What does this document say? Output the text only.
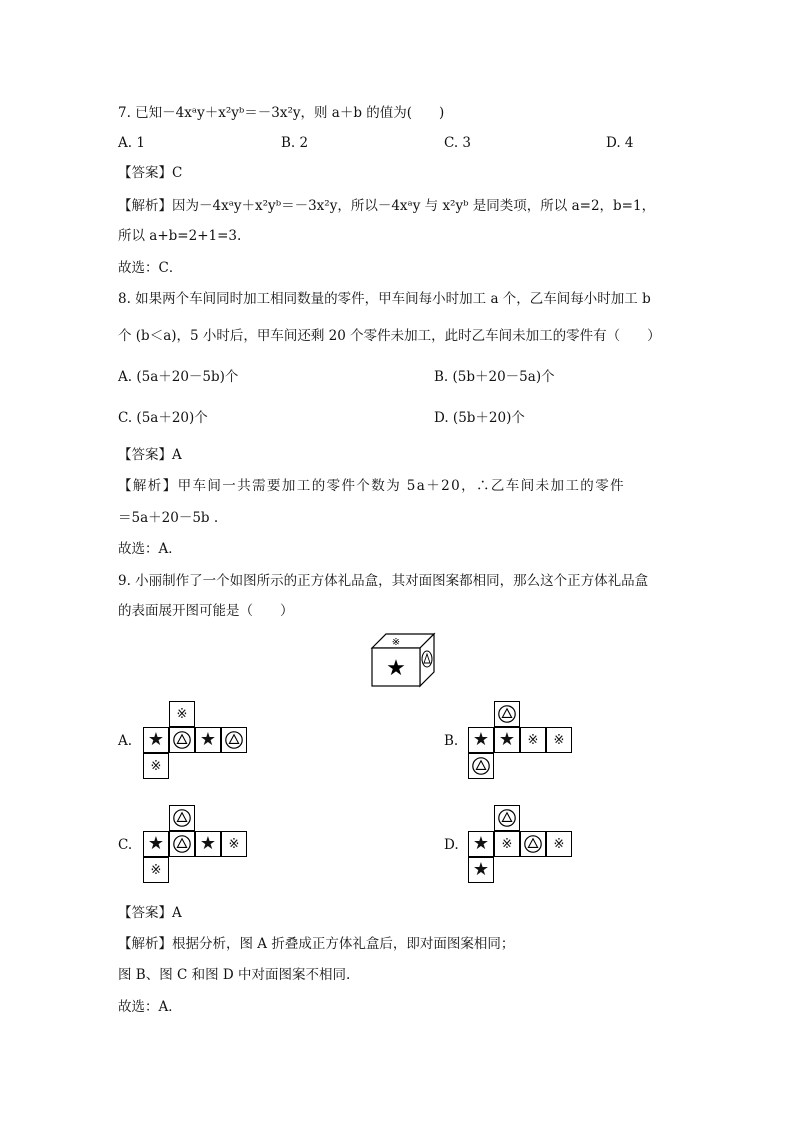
7. 已知－4xᵃy＋x²yᵇ＝－3x²y，则 a＋b 的值为(　　)
A. 1	B. 2	C. 3	D. 4
【答案】C
【解析】因为－4xᵃy＋x²yᵇ＝－3x²y，所以－4xᵃy 与 x²yᵇ 是同类项，所以 a=2，b=1，
所以 a+b=2+1=3.
故选：C．
8. 如果两个车间同时加工相同数量的零件，甲车间每小时加工 a 个，乙车间每小时加工 b
个 (b＜a)，5 小时后，甲车间还剩 20 个零件未加工，此时乙车间未加工的零件有（　　）
A. (5a＋20－5b)个	B. (5b＋20－5a)个
C. (5a＋20)个	D. (5b＋20)个
【答案】A
【解析】甲车间一共需要加工的零件个数为 5a＋20，∴乙车间未加工的零件
＝5a＋20－5b .
故选：A．
9. 小丽制作了一个如图所示的正方体礼品盒，其对面图案都相同，那么这个正方体礼品盒
的表面展开图可能是（　　）
※
★
A.
※
★ ★
※
B. ★ ★ ※ ※
C. ★ ★ ※
※
D. ★ ※	※
★
【答案】A
【解析】根据分析，图 A 折叠成正方体礼盒后，即对面图案相同；
图 B、图 C 和图 D 中对面图案不相同.
故选：A．
